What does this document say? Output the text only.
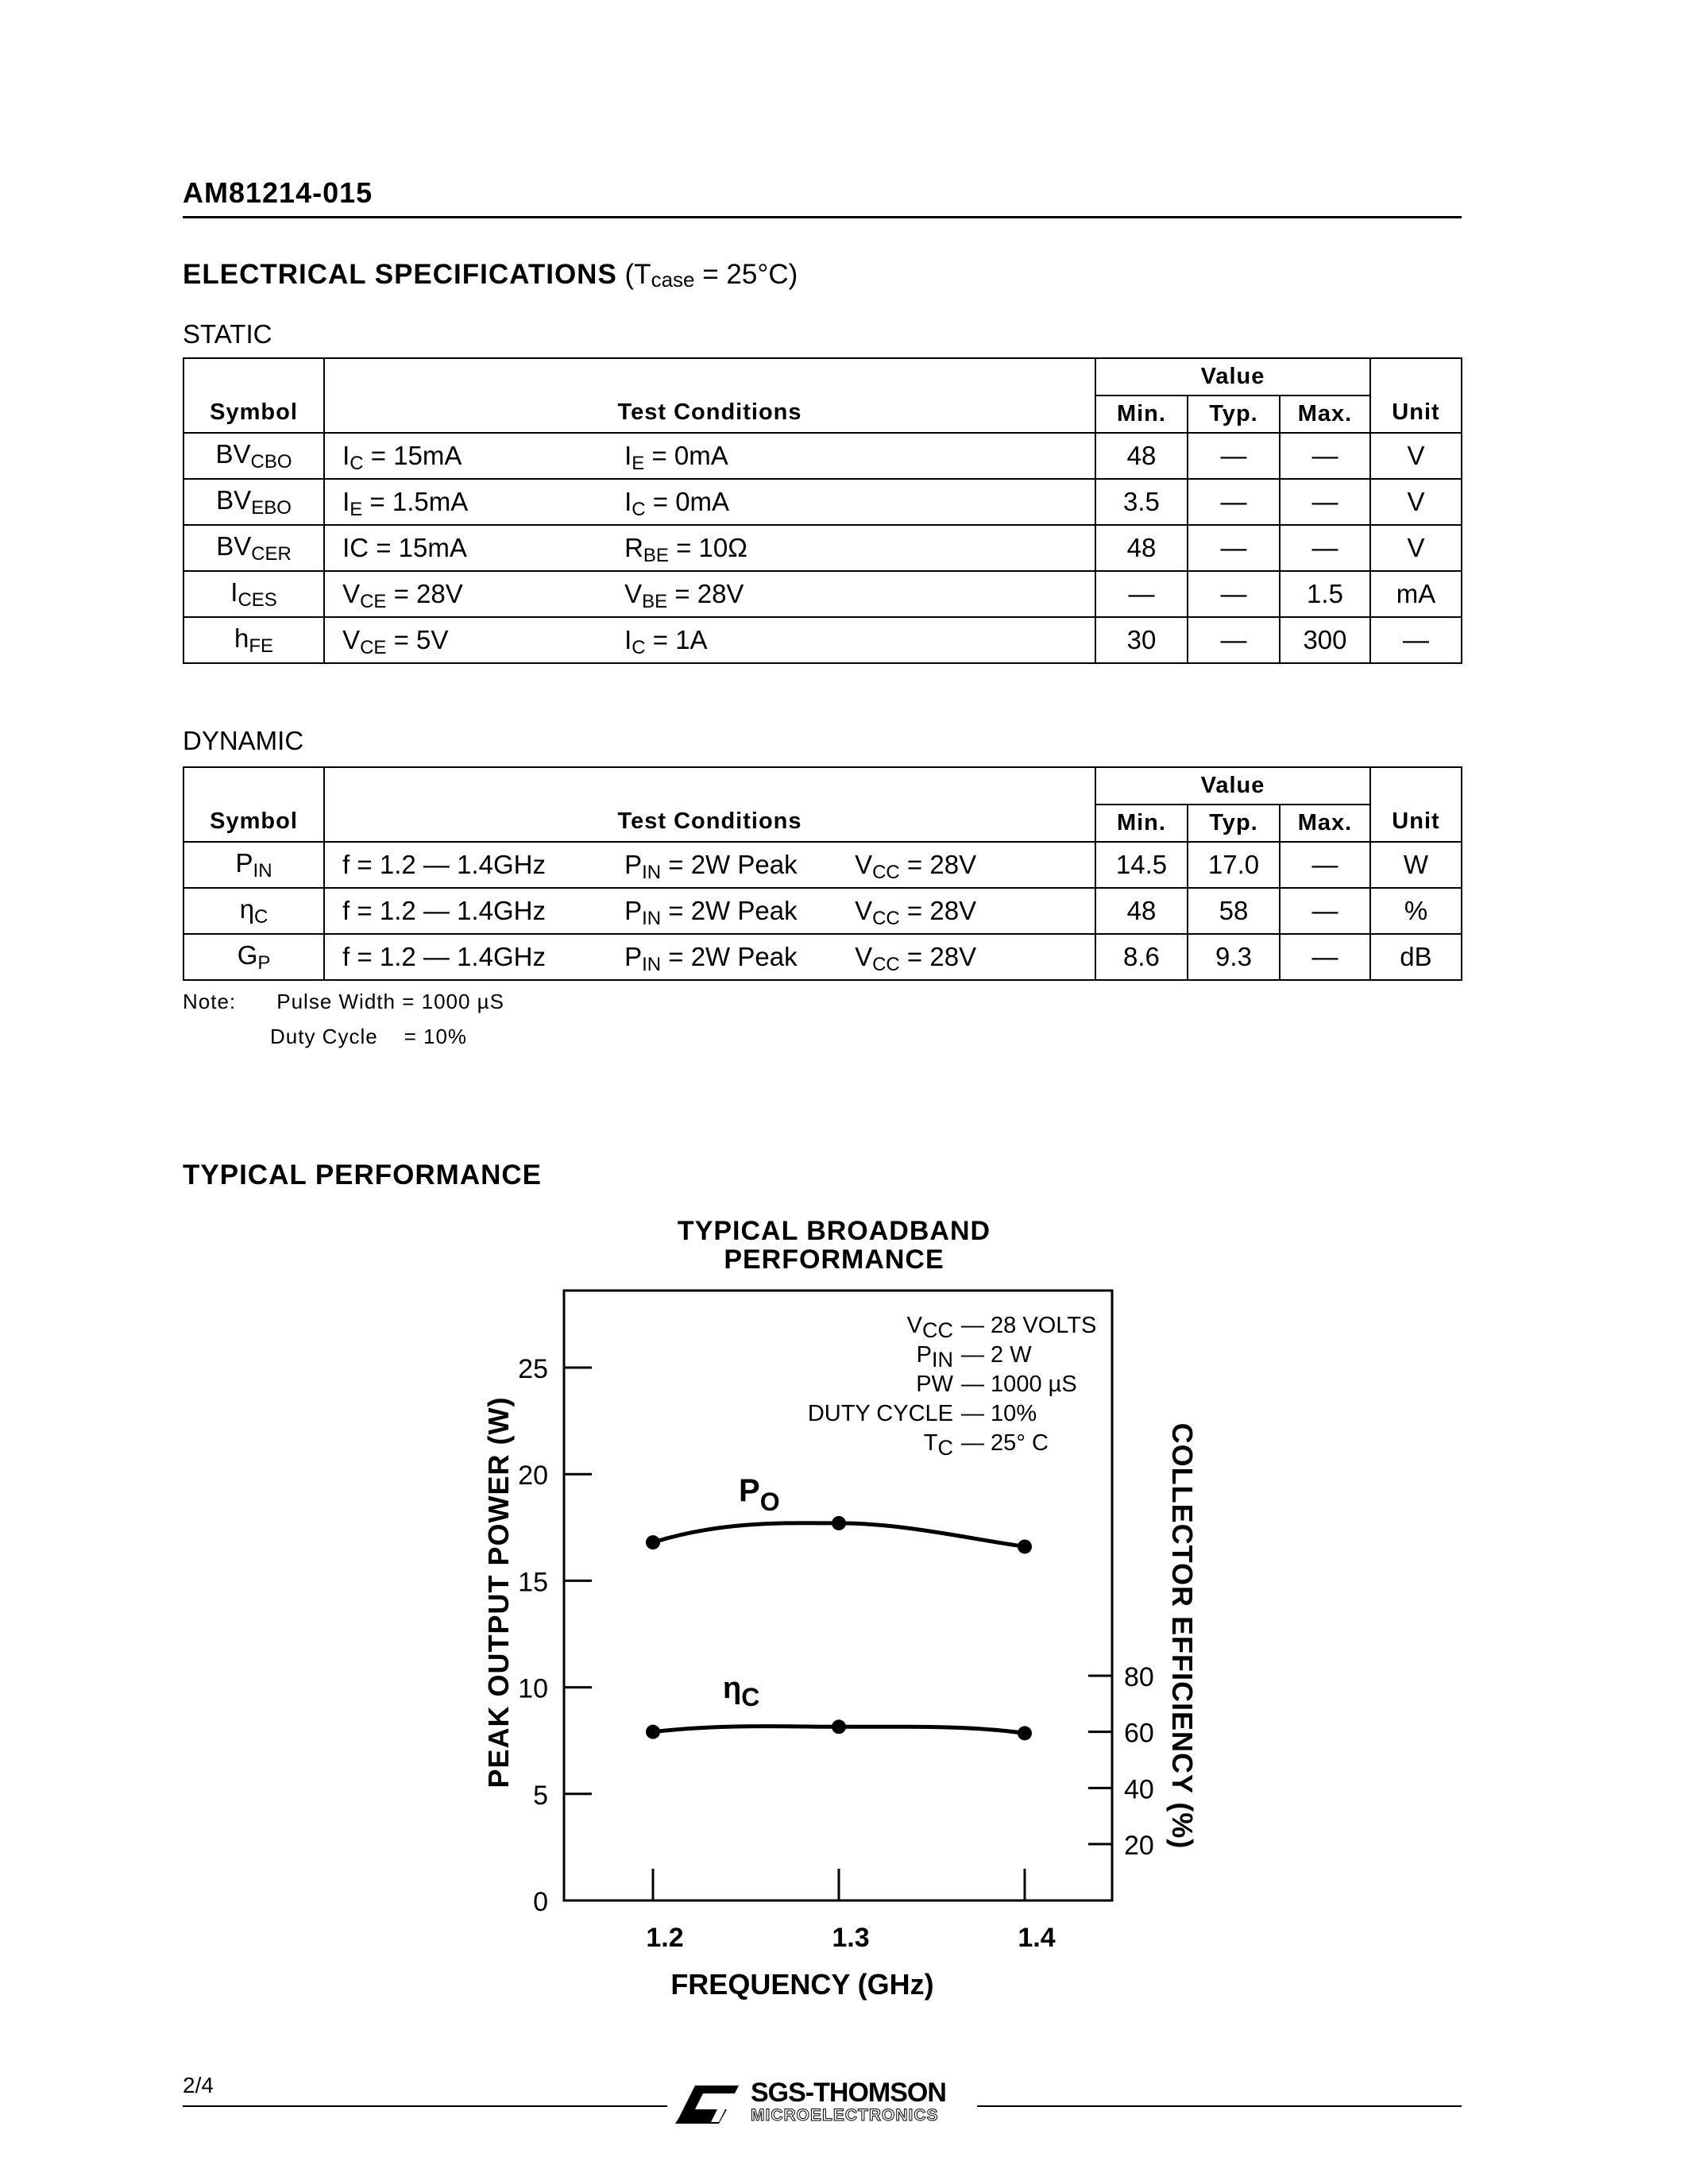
AM81214-015
ELECTRICAL SPECIFICATIONS $(T_{case} = 25^\circ C)$
STATIC
Symbol	Test Conditions	Value			Unit
		Min.	Typ.	Max.	
$BV_{CBO}$	$I_C = 15mA$ $I_E = 0mA$	48	—	—	V
$BV_{EBO}$	$I_E = 1.5mA$ $I_C = 0mA$	3.5	—	—	V
$BV_{CER}$	IC = 15mA $R_{BE} = 10\Omega$	48	—	—	V
$I_{CES}$	$V_{CE} = 28V$ $V_{BE} = 28V$	—	—	1.5	mA
$h_{FE}$	$V_{CE} = 5V$ $I_C = 1A$	30	—	300	—
DYNAMIC
Symbol	Test Conditions	Value			Unit
		Min.	Typ.	Max.	
$P_{IN}$	f = 1.2 — 1.4GHz $P_{IN} = 2W$ Peak $V_{CC} = 28V$	14.5	17.0	—	W
$\eta_C$	f = 1.2 — 1.4GHz $P_{IN} = 2W$ Peak $V_{CC} = 28V$	48	58	—	%
$G_P$	f = 1.2 — 1.4GHz $P_{IN} = 2W$ Peak $V_{CC} = 28V$	8.6	9.3	—	dB
Note: Pulse Width = 1000 µS
Duty Cycle = 10%
TYPICAL PERFORMANCE
TYPICAL BROADBAND
PERFORMANCE
0
5
10
15
20
25
20
40
60
80
1.2	1.3	1.4
FREQUENCY (GHz)
PEAK OUTPUT POWER (W)	COLLECTOR EFFICIENCY (%)
$P_O$
$\eta_C$
VCC — 28 VOLTS
PIN — 2 W
PW — 1000 µS
DUTY CYCLE — 10%
TC — 25° C
2/4	SGS-THOMSON
MICROELECTRONICS
